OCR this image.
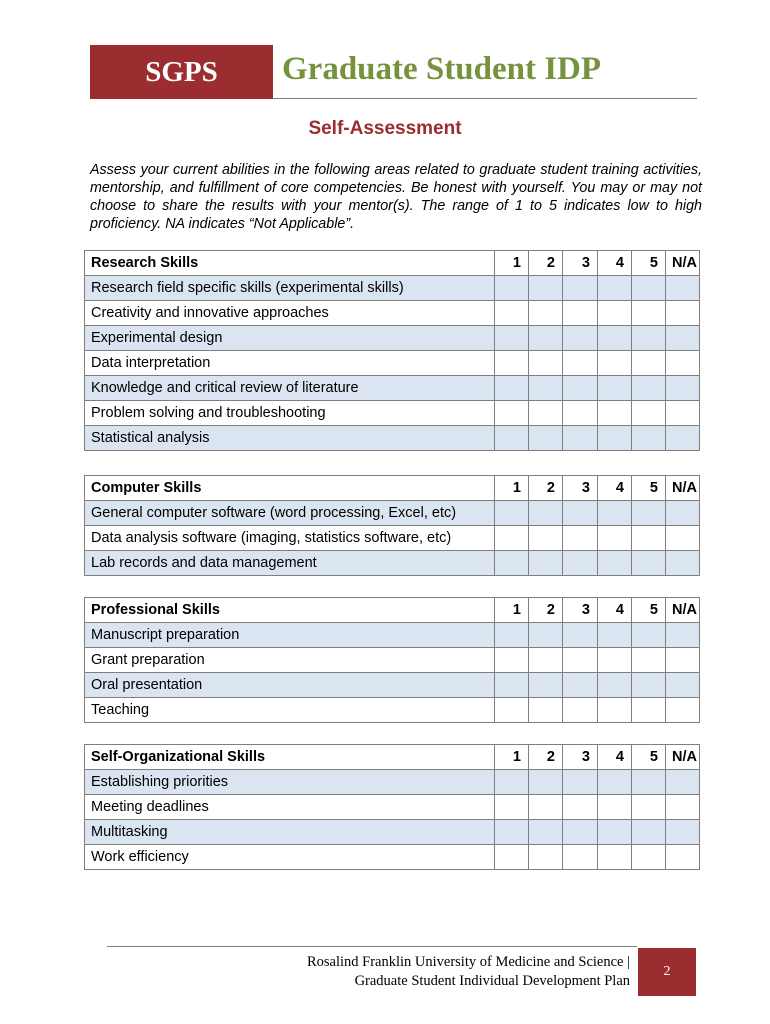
SGPS	Graduate Student IDP
Self-Assessment
Assess your current abilities in the following areas related to graduate student training activities, mentorship, and fulfillment of core competencies. Be honest with yourself. You may or may not choose to share the results with your mentor(s). The range of 1 to 5 indicates low to high proficiency. NA indicates “Not Applicable”.
Research Skills	1	2	3	4	5	N/A
Research field specific skills (experimental skills)						
Creativity and innovative approaches						
Experimental design						
Data interpretation						
Knowledge and critical review of literature						
Problem solving and troubleshooting						
Statistical analysis						
Computer Skills	1	2	3	4	5	N/A
General computer software (word processing, Excel, etc)						
Data analysis software (imaging, statistics software, etc)						
Lab records and data management						
Professional Skills	1	2	3	4	5	N/A
Manuscript preparation						
Grant preparation						
Oral presentation						
Teaching						
Self-Organizational Skills	1	2	3	4	5	N/A
Establishing priorities						
Meeting deadlines						
Multitasking						
Work efficiency						
Rosalind Franklin University of Medicine and Science |
Graduate Student Individual Development Plan
2
